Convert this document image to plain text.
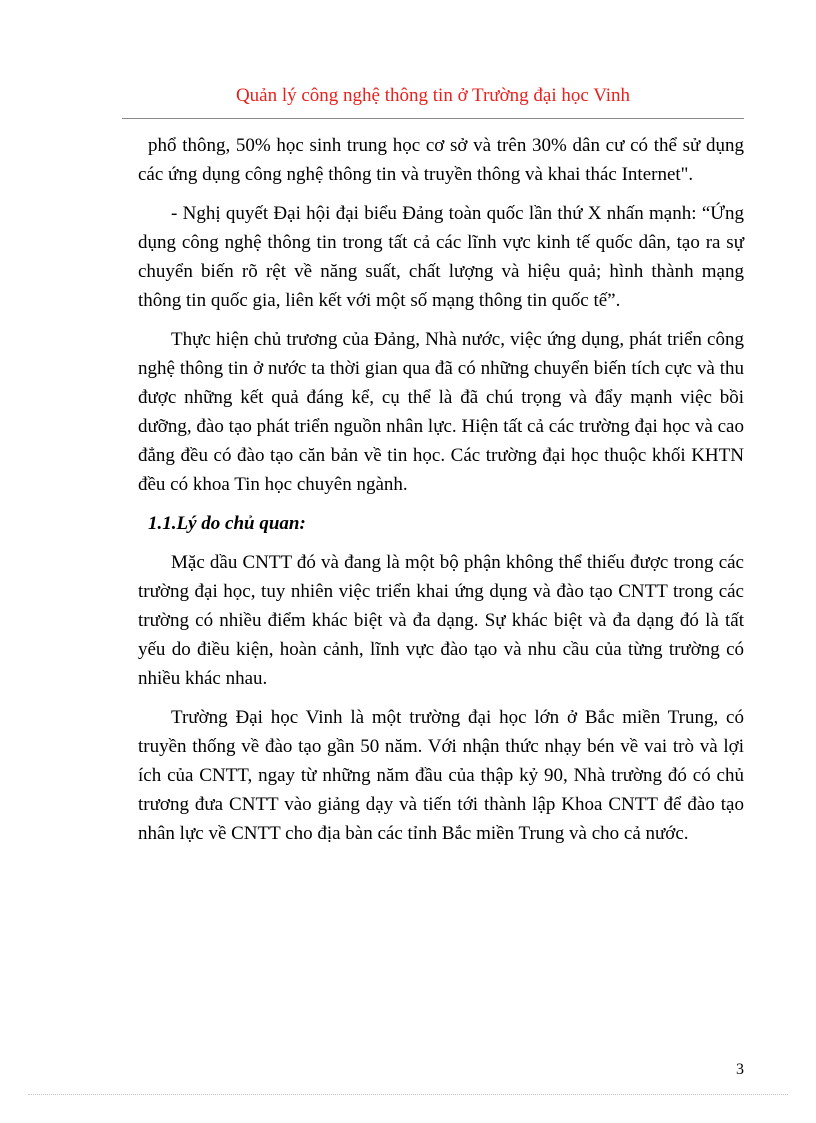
Quản lý công nghệ thông tin ở Trường đại học Vinh

phổ thông, 50% học sinh trung học cơ sở và trên 30% dân cư có thể sử dụng các ứng dụng công nghệ thông tin và truyền thông và khai thác Internet".

- Nghị quyết Đại hội đại biểu Đảng toàn quốc lần thứ X nhấn mạnh: “Ứng dụng công nghệ thông tin trong tất cả các lĩnh vực kinh tế quốc dân, tạo ra sự chuyển biến rõ rệt về năng suất, chất lượng và hiệu quả; hình thành mạng thông tin quốc gia, liên kết với một số mạng thông tin quốc tế”.

Thực hiện chủ trương của Đảng, Nhà nước, việc ứng dụng, phát triển công nghệ thông tin ở nước ta thời gian qua đã có những chuyển biến tích cực và thu được những kết quả đáng kể, cụ thể là đã chú trọng và đẩy mạnh việc bồi dưỡng, đào tạo phát triển nguồn nhân lực. Hiện tất cả các trường đại học và cao đẳng đều có đào tạo căn bản về tin học. Các trường đại học thuộc khối KHTN đều có khoa Tin học chuyên ngành.

1.1.Lý do chủ quan:

Mặc dầu CNTT đó và đang là một bộ phận không thể thiếu được trong các trường đại học, tuy nhiên việc triển khai ứng dụng và đào tạo CNTT trong các trường có nhiều điểm khác biệt và đa dạng. Sự khác biệt và đa dạng đó là tất yếu do điều kiện, hoàn cảnh, lĩnh vực đào tạo và nhu cầu của từng trường có nhiều khác nhau.

Trường Đại học Vinh là một trường đại học lớn ở Bắc miền Trung, có truyền thống về đào tạo gần 50 năm. Với nhận thức nhạy bén về vai trò và lợi ích của CNTT, ngay từ những năm đầu của thập kỷ 90, Nhà trường đó có chủ trương đưa CNTT vào giảng dạy và tiến tới thành lập Khoa CNTT để đào tạo nhân lực về CNTT cho địa bàn các tỉnh Bắc miền Trung và cho cả nước.

3
